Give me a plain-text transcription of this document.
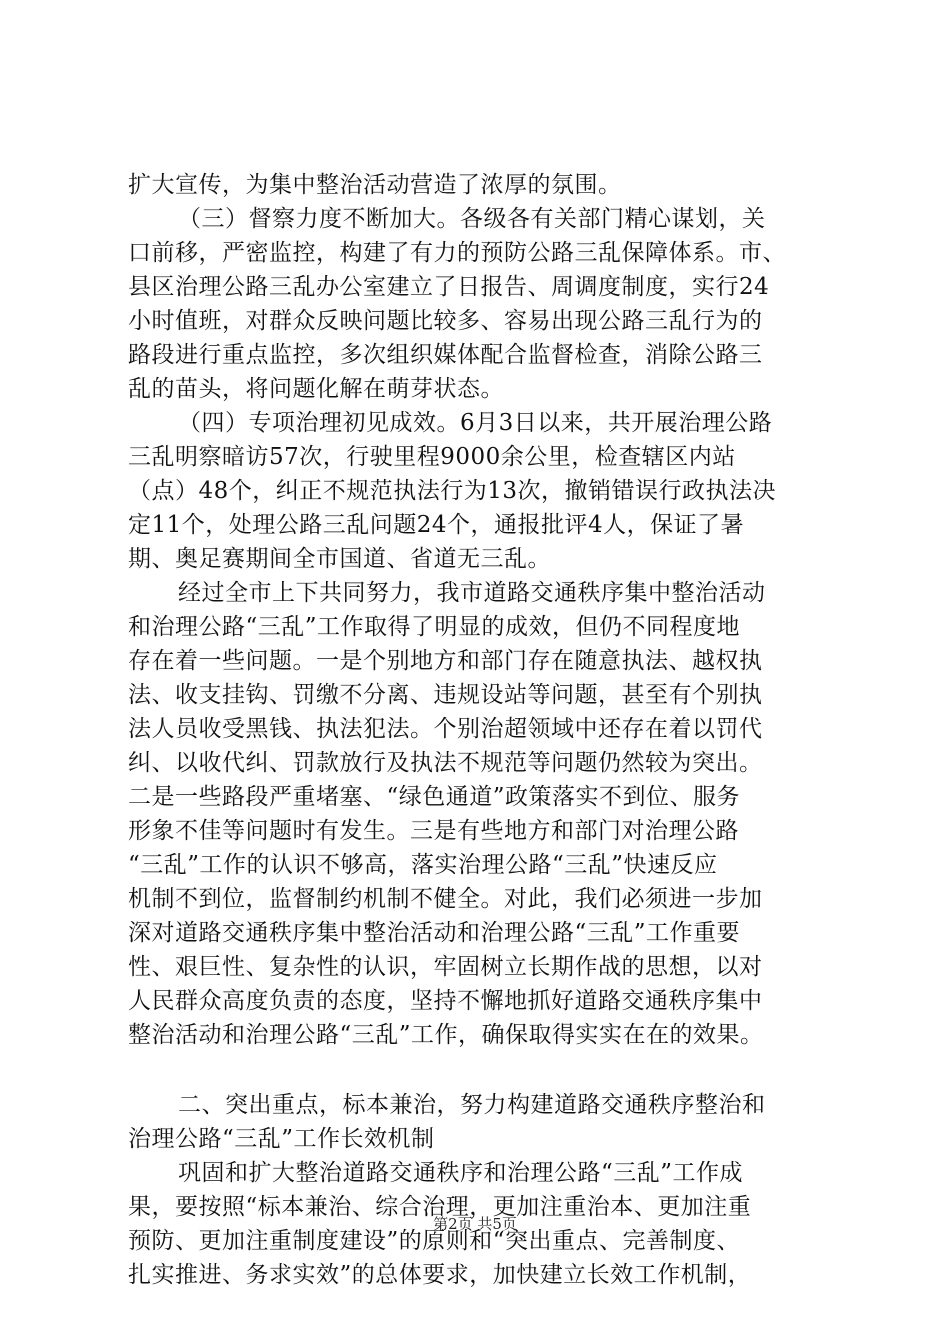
扩大宣传，为集中整治活动营造了浓厚的氛围。
（三）督察力度不断加大。各级各有关部门精心谋划，关
口前移，严密监控，构建了有力的预防公路三乱保障体系。市、
县区治理公路三乱办公室建立了日报告、周调度制度，实行24
小时值班，对群众反映问题比较多、容易出现公路三乱行为的
路段进行重点监控，多次组织媒体配合监督检查，消除公路三
乱的苗头，将问题化解在萌芽状态。
（四）专项治理初见成效。6月3日以来，共开展治理公路
三乱明察暗访57次，行驶里程9000余公里，检查辖区内站
（点）48个，纠正不规范执法行为13次，撤销错误行政执法决
定11个，处理公路三乱问题24个，通报批评4人，保证了暑
期、奥足赛期间全市国道、省道无三乱。
经过全市上下共同努力，我市道路交通秩序集中整治活动
和治理公路“三乱”工作取得了明显的成效，但仍不同程度地
存在着一些问题。一是个别地方和部门存在随意执法、越权执
法、收支挂钩、罚缴不分离、违规设站等问题，甚至有个别执
法人员收受黑钱、执法犯法。个别治超领域中还存在着以罚代
纠、以收代纠、罚款放行及执法不规范等问题仍然较为突出。
二是一些路段严重堵塞、“绿色通道”政策落实不到位、服务
形象不佳等问题时有发生。三是有些地方和部门对治理公路
“三乱”工作的认识不够高，落实治理公路“三乱”快速反应
机制不到位，监督制约机制不健全。对此，我们必须进一步加
深对道路交通秩序集中整治活动和治理公路“三乱”工作重要
性、艰巨性、复杂性的认识，牢固树立长期作战的思想，以对
人民群众高度负责的态度，坚持不懈地抓好道路交通秩序集中
整治活动和治理公路“三乱”工作，确保取得实实在在的效果。
二、突出重点，标本兼治，努力构建道路交通秩序整治和
治理公路“三乱”工作长效机制
巩固和扩大整治道路交通秩序和治理公路“三乱”工作成
果，要按照“标本兼治、综合治理，更加注重治本、更加注重
预防、更加注重制度建设”的原则和“突出重点、完善制度、
扎实推进、务求实效”的总体要求，加快建立长效工作机制，
第2页 共5页
